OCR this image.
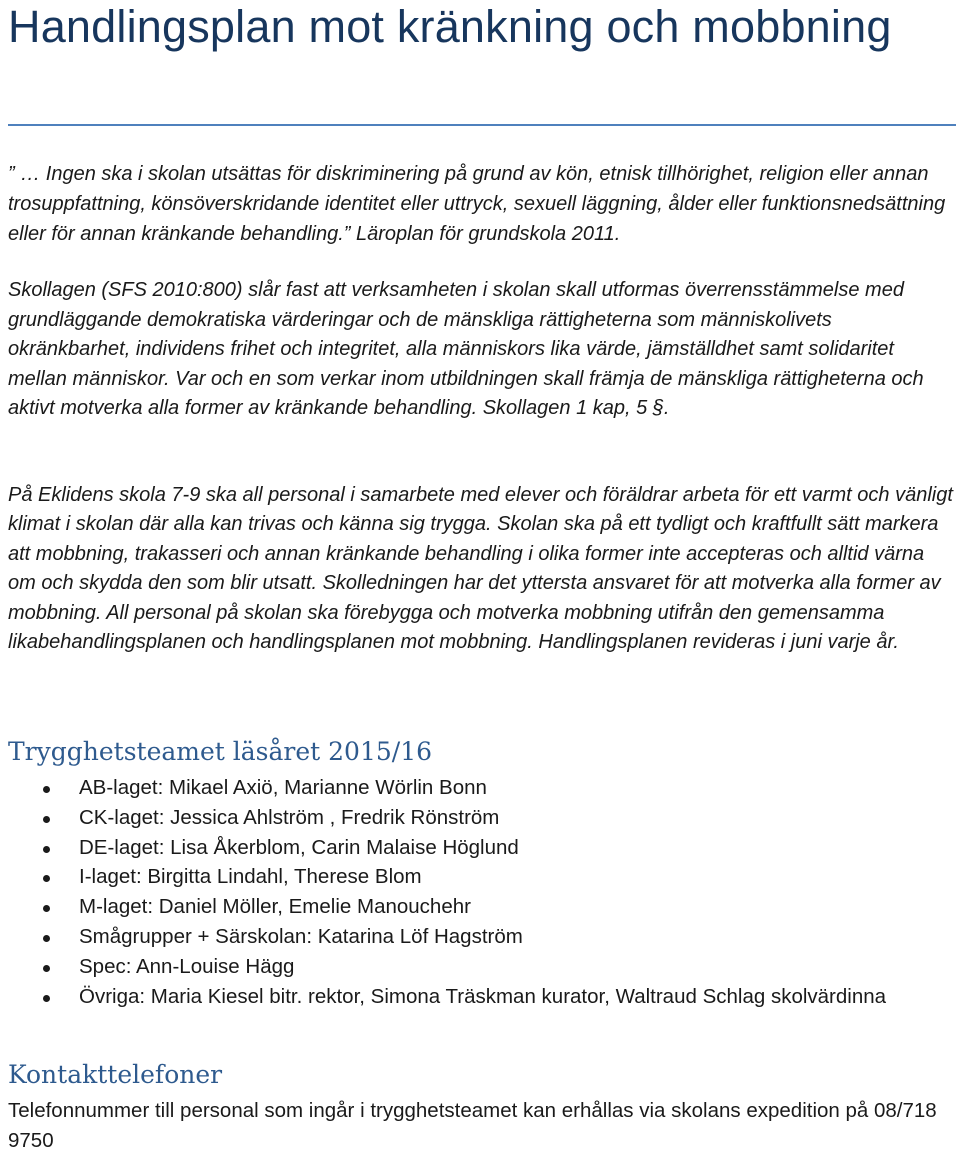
Handlingsplan mot kränkning och mobbning

” … Ingen ska i skolan utsättas för diskriminering på grund av kön, etnisk tillhörighet, religion eller annan trosuppfattning, könsöverskridande identitet eller uttryck, sexuell läggning, ålder eller funktionsnedsättning eller för annan kränkande behandling.” Läroplan för grundskola 2011.

Skollagen (SFS 2010:800) slår fast att verksamheten i skolan skall utformas överrensstämmelse med grundläggande demokratiska värderingar och de mänskliga rättigheterna som människolivets okränkbarhet, individens frihet och integritet, alla människors lika värde, jämställdhet samt solidaritet mellan människor. Var och en som verkar inom utbildningen skall främja de mänskliga rättigheterna och aktivt motverka alla former av kränkande behandling. Skollagen 1 kap, 5 §.

På Eklidens skola 7-9 ska all personal i samarbete med elever och föräldrar arbeta för ett varmt och vänligt klimat i skolan där alla kan trivas och känna sig trygga. Skolan ska på ett tydligt och kraftfullt sätt markera att mobbning, trakasseri och annan kränkande behandling i olika former inte accepteras och alltid värna om och skydda den som blir utsatt. Skolledningen har det yttersta ansvaret för att motverka alla former av mobbning. All personal på skolan ska förebygga och motverka mobbning utifrån den gemensamma likabehandlingsplanen och handlingsplanen mot mobbning. Handlingsplanen revideras i juni varje år.

Trygghetsteamet läsåret 2015/16
AB-laget: Mikael Axiö, Marianne Wörlin Bonn
CK-laget: Jessica Ahlström , Fredrik Rönström
DE-laget: Lisa Åkerblom, Carin Malaise Höglund
I-laget: Birgitta Lindahl, Therese Blom
M-laget: Daniel Möller, Emelie Manouchehr
Smågrupper + Särskolan: Katarina Löf Hagström
Spec: Ann-Louise Hägg
Övriga: Maria Kiesel bitr. rektor, Simona Träskman kurator, Waltraud Schlag skolvärdinna
Kontakttelefoner

Telefonnummer till personal som ingår i trygghetsteamet kan erhållas via skolans expedition på 08/718 9750
